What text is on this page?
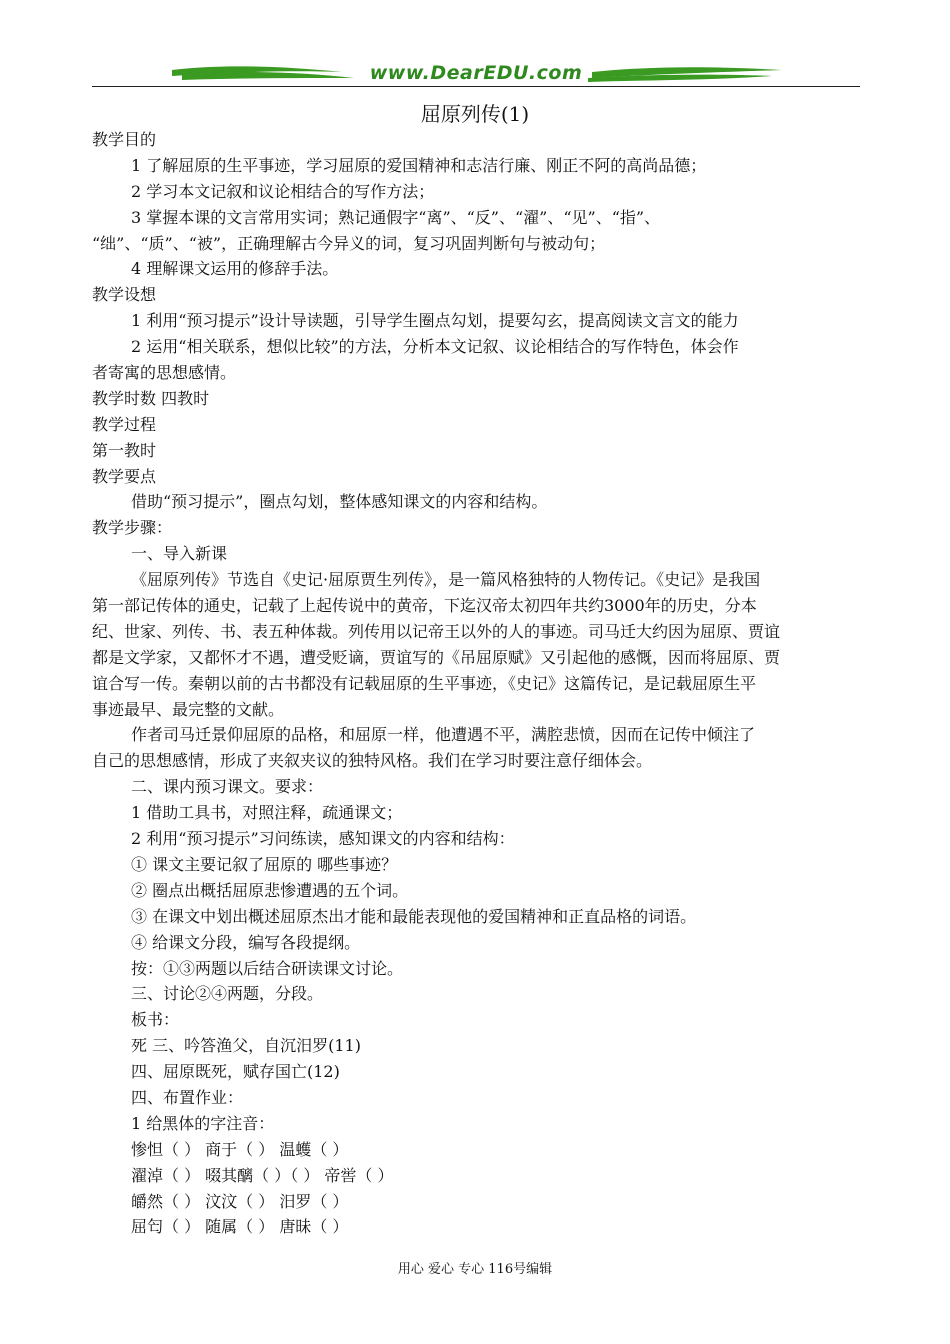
www.DearEDU.com
屈原列传(1)
教学目的
1 了解屈原的生平事迹，学习屈原的爱国精神和志洁行廉、刚正不阿的高尚品德；
2 学习本文记叙和议论相结合的写作方法；
3 掌握本课的文言常用实词；熟记通假字“离”、“反”、“濯”、“见”、“指”、
“绌”、“质”、“被”，正确理解古今异义的词，复习巩固判断句与被动句；
4 理解课文运用的修辞手法。
教学设想
1 利用“预习提示”设计导读题，引导学生圈点勾划，提要勾玄，提高阅读文言文的能力
2 运用“相关联系，想似比较”的方法，分析本文记叙、议论相结合的写作特色，体会作
者寄寓的思想感情。
教学时数 四教时
教学过程
第一教时
教学要点
借助“预习提示”，圈点勾划，整体感知课文的内容和结构。
教学步骤：
一、导入新课
《屈原列传》节选自《史记·屈原贾生列传》，是一篇风格独特的人物传记。《史记》是我国
第一部记传体的通史，记载了上起传说中的黄帝，下迄汉帝太初四年共约3000年的历史，分本
纪、世家、列传、书、表五种体裁。列传用以记帝王以外的人的事迹。司马迁大约因为屈原、贾谊
都是文学家，又都怀才不遇，遭受贬谪，贾谊写的《吊屈原赋》又引起他的感慨，因而将屈原、贾
谊合写一传。秦朝以前的古书都没有记载屈原的生平事迹，《史记》这篇传记，是记载屈原生平
事迹最早、最完整的文献。
作者司马迁景仰屈原的品格，和屈原一样，他遭遇不平，满腔悲愤，因而在记传中倾注了
自己的思想感情，形成了夹叙夹议的独特风格。我们在学习时要注意仔细体会。
二、课内预习课文。要求：
1 借助工具书，对照注释，疏通课文；
2 利用“预习提示”习问练读，感知课文的内容和结构：
① 课文主要记叙了屈原的 哪些事迹？
② 圈点出概括屈原悲惨遭遇的五个词。
③ 在课文中划出概述屈原杰出才能和最能表现他的爱国精神和正直品格的词语。
④ 给课文分段，编写各段提纲。
按：①③两题以后结合研读课文讨论。
三、讨论②④两题，分段。
板书：
死 三、吟答渔父，自沉汨罗(11)
四、屈原既死，赋存国亡(12)
四、布置作业：
1 给黑体的字注音：
惨怛（ ） 商于（ ） 温蠖（ ）
濯淖（ ） 啜其醨（ ）（ ） 帝喾（ ）
皭然（ ） 汶汶（ ） 汨罗（ ）
屈匄（ ） 随属（ ） 唐昧（ ）
用心 爱心 专心 116号编辑
